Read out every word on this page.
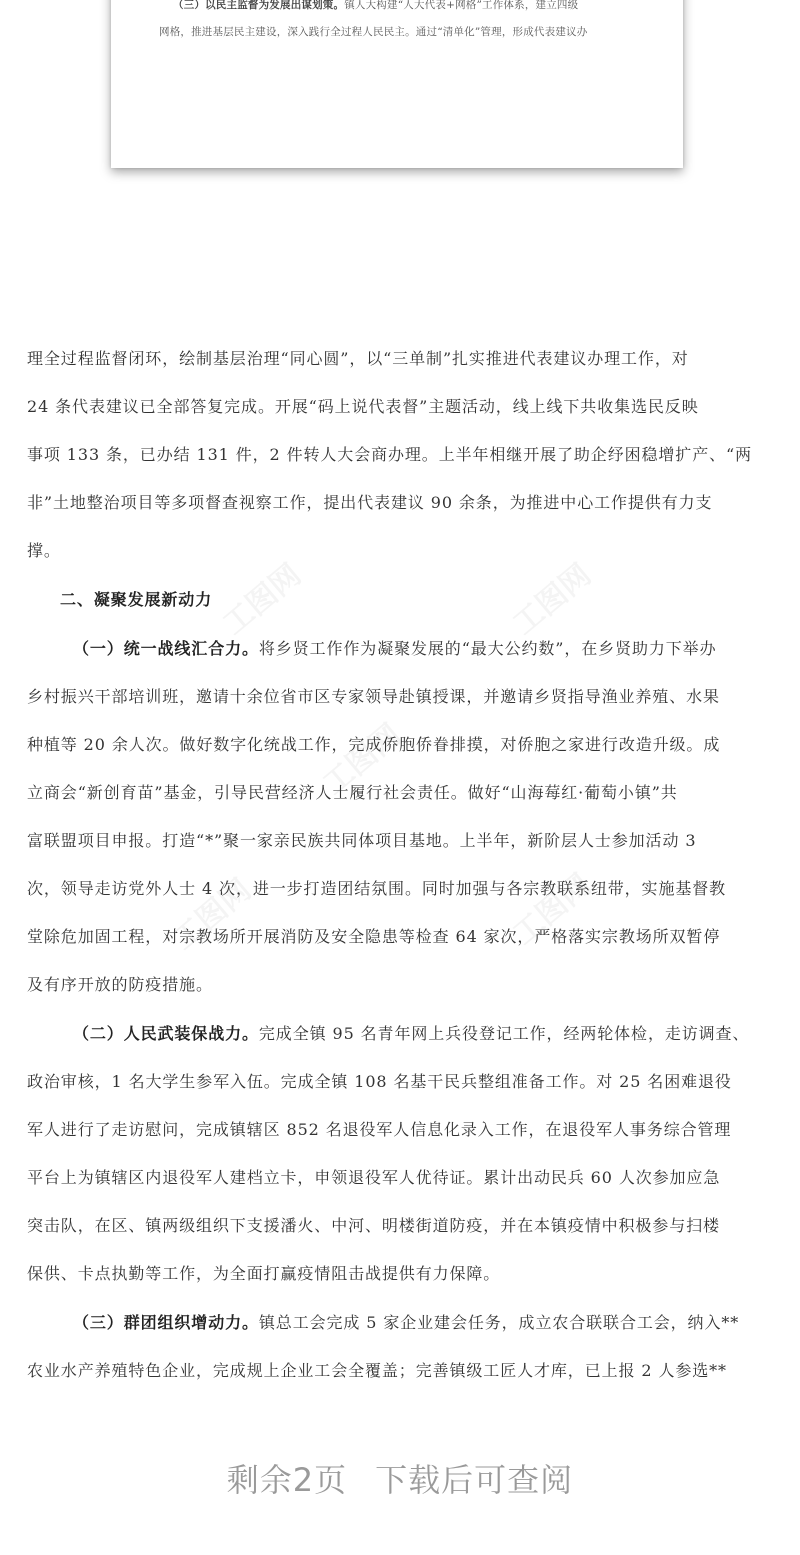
（三）以民主监督为发展出谋划策。镇人大构建“人大代表+网格”工作体系，建立四级
网格，推进基层民主建设，深入践行全过程人民民主。通过“清单化”管理，形成代表建议办
理全过程监督闭环，绘制基层治理“同心圆”，以“三单制”扎实推进代表建议办理工作，对
24 条代表建议已全部答复完成。开展“码上说代表督”主题活动，线上线下共收集选民反映
事项 133 条，已办结 131 件，2 件转人大会商办理。上半年相继开展了助企纾困稳增扩产、“两
非”土地整治项目等多项督查视察工作，提出代表建议 90 余条，为推进中心工作提供有力支
撑。
二、凝聚发展新动力
（一）统一战线汇合力。将乡贤工作作为凝聚发展的“最大公约数”，在乡贤助力下举办
乡村振兴干部培训班，邀请十余位省市区专家领导赴镇授课，并邀请乡贤指导渔业养殖、水果
种植等 20 余人次。做好数字化统战工作，完成侨胞侨眷排摸，对侨胞之家进行改造升级。成
立商会“新创育苗”基金，引导民营经济人士履行社会责任。做好“山海莓红·葡萄小镇”共
富联盟项目申报。打造“*”聚一家亲民族共同体项目基地。上半年，新阶层人士参加活动 3
次，领导走访党外人士 4 次，进一步打造团结氛围。同时加强与各宗教联系纽带，实施基督教
堂除危加固工程，对宗教场所开展消防及安全隐患等检查 64 家次，严格落实宗教场所双暂停
及有序开放的防疫措施。
（二）人民武装保战力。完成全镇 95 名青年网上兵役登记工作，经两轮体检，走访调查、
政治审核，1 名大学生参军入伍。完成全镇 108 名基干民兵整组准备工作。对 25 名困难退役
军人进行了走访慰问，完成镇辖区 852 名退役军人信息化录入工作，在退役军人事务综合管理
平台上为镇辖区内退役军人建档立卡，申领退役军人优待证。累计出动民兵 60 人次参加应急
突击队，在区、镇两级组织下支援潘火、中河、明楼街道防疫，并在本镇疫情中积极参与扫楼
保供、卡点执勤等工作，为全面打赢疫情阻击战提供有力保障。
（三）群团组织增动力。镇总工会完成 5 家企业建会任务，成立农合联联合工会，纳入**
农业水产养殖特色企业，完成规上企业工会全覆盖；完善镇级工匠人才库，已上报 2 人参选**
剩余2页 下载后可查阅
